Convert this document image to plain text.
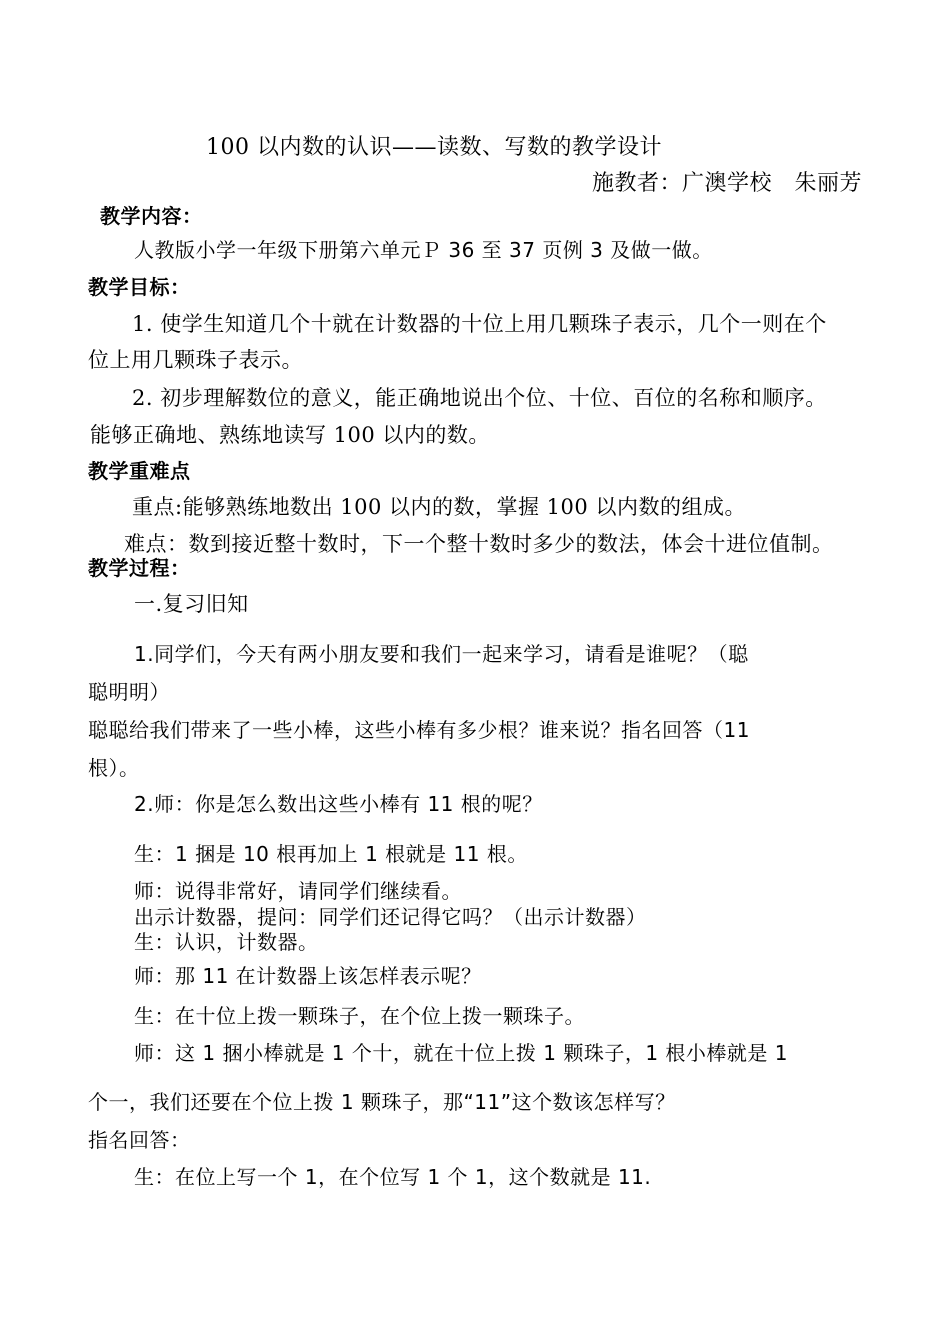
100 以内数的认识——读数、写数的教学设计
施教者：广澳学校　朱丽芳
教学内容：
人教版小学一年级下册第六单元Ｐ 36 至 37 页例 3 及做一做。
教学目标：
1. 使学生知道几个十就在计数器的十位上用几颗珠子表示，几个一则在个
位上用几颗珠子表示。
2. 初步理解数位的意义，能正确地说出个位、十位、百位的名称和顺序。
能够正确地、熟练地读写 100 以内的数。
教学重难点
重点:能够熟练地数出 100 以内的数，掌握 100 以内数的组成。
难点：数到接近整十数时，下一个整十数时多少的数法，体会十进位值制。
教学过程：
一.复习旧知
1.同学们，今天有两小朋友要和我们一起来学习，请看是谁呢？（聪
聪明明）
聪聪给我们带来了一些小棒，这些小棒有多少根？谁来说？指名回答（11
根）。
2.师：你是怎么数出这些小棒有 11 根的呢？
生：1 捆是 10 根再加上 1 根就是 11 根。
师：说得非常好，请同学们继续看。
出示计数器，提问：同学们还记得它吗？（出示计数器）
生：认识，计数器。
师：那 11 在计数器上该怎样表示呢？
生：在十位上拨一颗珠子，在个位上拨一颗珠子。
师：这 1 捆小棒就是 1 个十，就在十位上拨 1 颗珠子，1 根小棒就是 1
个一，我们还要在个位上拨 1 颗珠子，那“11”这个数该怎样写？
指名回答：
生：在位上写一个 1，在个位写 1 个 1，这个数就是 11.
